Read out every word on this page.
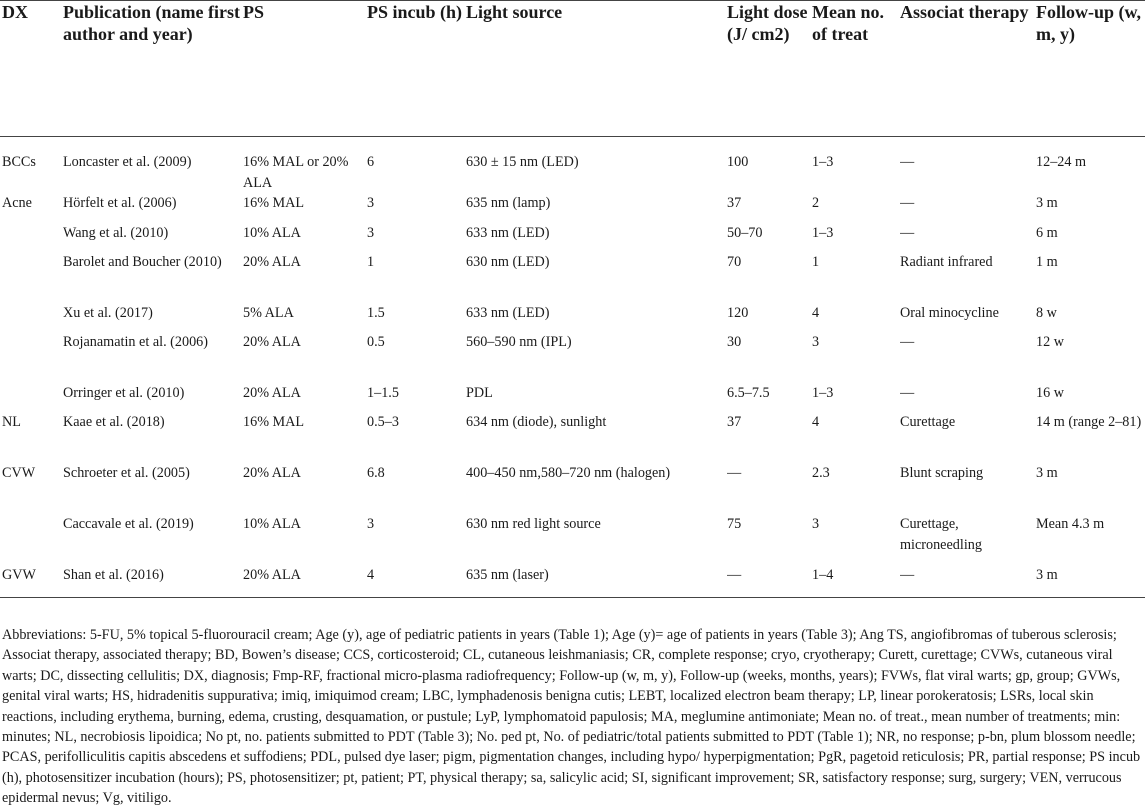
DX	Publication (name first author and year)	PS	PS incub (h)	Light source	Light dose (J/ cm2)	Mean no. of treat	Associat therapy	Follow-up (w, m, y)
BCCs	Loncaster et al. (2009)	16% MAL or 20% ALA	6	630 ± 15 nm (LED)	100	1–3	—	12–24 m
Acne	Hörfelt et al. (2006)	16% MAL	3	635 nm (lamp)	37	2	—	3 m
	Wang et al. (2010)	10% ALA	3	633 nm (LED)	50–70	1–3	—	6 m
	Barolet and Boucher (2010)	20% ALA	1	630 nm (LED)	70	1	Radiant infrared	1 m
	Xu et al. (2017)	5% ALA	1.5	633 nm (LED)	120	4	Oral minocycline	8 w
	Rojanamatin et al. (2006)	20% ALA	0.5	560–590 nm (IPL)	30	3	—	12 w
	Orringer et al. (2010)	20% ALA	1–1.5	PDL	6.5–7.5	1–3	—	16 w
NL	Kaae et al. (2018)	16% MAL	0.5–3	634 nm (diode), sunlight	37	4	Curettage	14 m (range 2–81)
CVW	Schroeter et al. (2005)	20% ALA	6.8	400–450 nm,580–720 nm (halogen)	—	2.3	Blunt scraping	3 m
	Caccavale et al. (2019)	10% ALA	3	630 nm red light source	75	3	Curettage, microneedling	Mean 4.3 m
GVW	Shan et al. (2016)	20% ALA	4	635 nm (laser)	—	1–4	—	3 m
Abbreviations: 5-FU, 5% topical 5-fluorouracil cream; Age (y), age of pediatric patients in years (Table 1); Age (y)= age of patients in years (Table 3); Ang TS, angiofibromas of tuberous sclerosis; Associat therapy, associated therapy; BD, Bowen’s disease; CCS, corticosteroid; CL, cutaneous leishmaniasis; CR, complete response; cryo, cryotherapy; Curett, curettage; CVWs, cutaneous viral warts; DC, dissecting cellulitis; DX, diagnosis; Fmp-RF, fractional micro-plasma radiofrequency; Follow-up (w, m, y), Follow-up (weeks, months, years); FVWs, flat viral warts; gp, group; GVWs, genital viral warts; HS, hidradenitis suppurativa; imiq, imiquimod cream; LBC, lymphadenosis benigna cutis; LEBT, localized electron beam therapy; LP, linear porokeratosis; LSRs, local skin reactions, including erythema, burning, edema, crusting, desquamation, or pustule; LyP, lymphomatoid papulosis; MA, meglumine antimoniate; Mean no. of treat., mean number of treatments; min: minutes; NL, necrobiosis lipoidica; No pt, no. patients submitted to PDT (Table 3); No. ped pt, No. of pediatric/total patients submitted to PDT (Table 1); NR, no response; p-bn, plum blossom needle; PCAS, perifolliculitis capitis abscedens et suffodiens; PDL, pulsed dye laser; pigm, pigmentation changes, including hypo/ hyperpigmentation; PgR, pagetoid reticulosis; PR, partial response; PS incub (h), photosensitizer incubation (hours); PS, photosensitizer; pt, patient; PT, physical therapy; sa, salicylic acid; SI, significant improvement; SR, satisfactory response; surg, surgery; VEN, verrucous epidermal nevus; Vg, vitiligo.
